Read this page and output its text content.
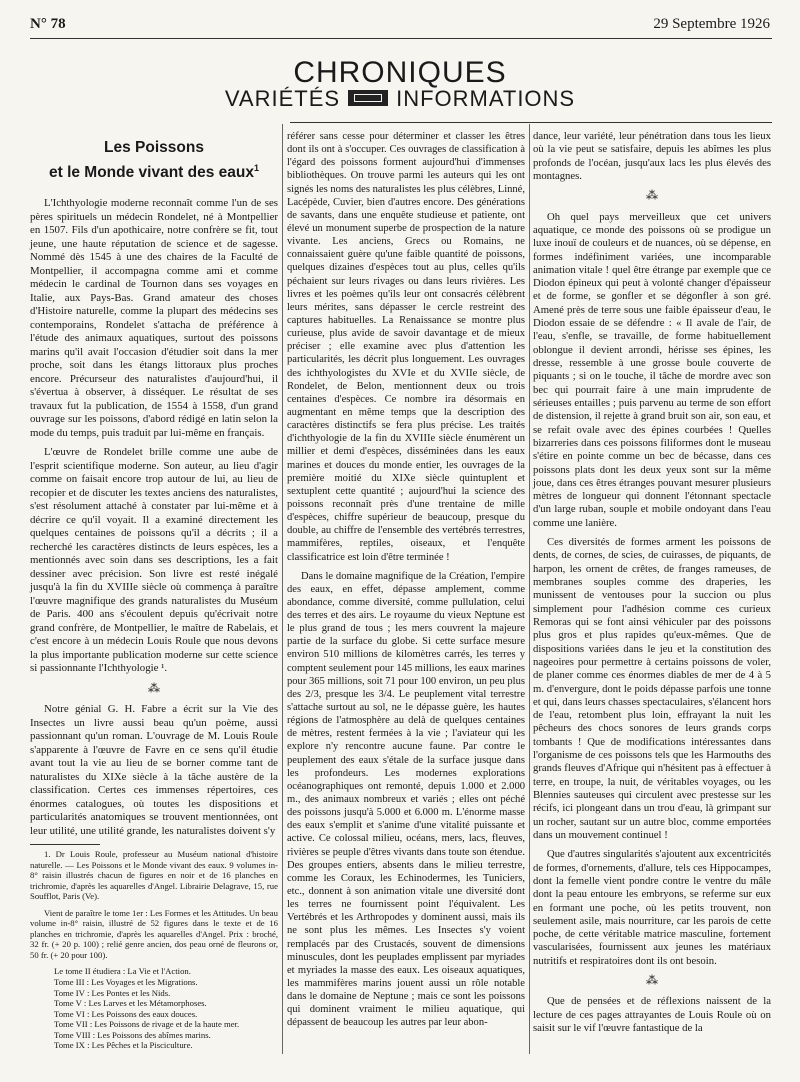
N° 78	29 Septembre 1926
CHRONIQUES
VARIÉTÉS	INFORMATIONS
Les Poissons
et le Monde vivant des eaux$^1$

L'Ichthyologie moderne reconnaît comme l'un de ses pères spirituels un médecin Rondelet, né à Montpellier en 1507. Fils d'un apothicaire, notre confrère se fit, tout jeune, une haute réputation de science et de sagesse. Nommé dès 1545 à une des chaires de la Faculté de Montpellier, il accompagna comme ami et comme médecin le cardinal de Tournon dans ses voyages en Italie, aux Pays-Bas. Grand amateur des choses d'Histoire naturelle, comme la plupart des médecins ses contemporains, Rondelet s'attacha de préférence à l'étude des animaux aquatiques, surtout des poissons marins qu'il avait l'occasion d'étudier soit dans la mer proche, soit dans les étangs littoraux plus proches encore. Précurseur des naturalistes d'aujourd'hui, il s'évertua à observer, à disséquer. Le résultat de ses travaux fut la publication, de 1554 à 1558, d'un grand ouvrage sur les poissons, d'abord rédigé en latin selon la mode du temps, puis traduit par lui-même en français.

L'œuvre de Rondelet brille comme une aube de l'esprit scientifique moderne. Son auteur, au lieu d'agir comme on faisait encore trop autour de lui, au lieu de recopier et de discuter les textes anciens des naturalistes, s'est résolument attaché à constater par lui-même et à décrire ce qu'il voyait. Il a examiné directement les quelques centaines de poissons qu'il a décrits ; il a recherché les caractères distincts de leurs espèces, les a mentionnés avec soin dans ses descriptions, les a fait dessiner avec précision. Son livre est resté inégalé jusqu'à la fin du XVIIIe siècle où commença à paraître l'œuvre magnifique des grands naturalistes du Muséum de Paris. 400 ans s'écoulent depuis qu'écrivait notre grand confrère, de Montpellier, le maître de Rabelais, et c'est encore à un médecin Louis Roule que nous devons la plus importante publication moderne sur cette science si passionnante l'Ichthyologie ¹.

⁂

Notre génial G. H. Fabre a écrit sur la Vie des Insectes un livre aussi beau qu'un poème, aussi passionnant qu'un roman. L'ouvrage de M. Louis Roule s'apparente à l'œuvre de Favre en ce sens qu'il étudie avant tout la vie au lieu de se borner comme tant de naturalistes du XIXe siècle à la tâche austère de la classification. Certes ces immenses répertoires, ces énormes catalogues, où toutes les dispositions et particularités anatomiques se trouvent mentionnées, ont leur utilité, une utilité grande, les naturalistes doivent s'y

1. Dr Louis Roule, professeur au Muséum national d'histoire naturelle. — Les Poissons et le Monde vivant des eaux. 9 volumes in-8° raisin illustrés chacun de figures en noir et de 16 planches en trichromie, d'après les aquarelles d'Angel. Librairie Delagrave, 15, rue Soufflot, Paris (Ve).

Vient de paraître le tome 1er : Les Formes et les Attitudes. Un beau volume in-8° raisin, illustré de 52 figures dans le texte et de 16 planches en trichromie, d'après les aquarelles d'Angel. Prix : broché, 32 fr. (+ 20 p. 100) ; relié genre ancien, dos peau orné de fleurons or, 50 fr. (+ 20 pour 100).

Le tome II étudiera : La Vie et l'Action.

Tome III : Les Voyages et les Migrations.

Tome IV : Les Pontes et les Nids.

Tome V : Les Larves et les Métamorphoses.

Tome VI : Les Poissons des eaux douces.

Tome VII : Les Poissons de rivage et de la haute mer.

Tome VIII : Les Poissons des abîmes marins.

Tome IX : Les Pêches et la Pisciculture.

référer sans cesse pour déterminer et classer les êtres dont ils ont à s'occuper. Ces ouvrages de classification à l'égard des poissons forment aujourd'hui d'immenses bibliothèques. On trouve parmi les auteurs qui les ont signés les noms des naturalistes les plus célèbres, Linné, Lacépède, Cuvier, bien d'autres encore. Des générations de savants, dans une enquête studieuse et patiente, ont élevé un monument superbe de prospection de la nature vivante. Les anciens, Grecs ou Romains, ne connaissaient guère qu'une faible quantité de poissons, quelques dizaines d'espèces tout au plus, celles qu'ils péchaient sur leurs rivages ou dans leurs rivières. Les livres et les poèmes qu'ils leur ont consacrés célèbrent leurs mérites, sans dépasser le cercle restreint des captures habituelles. La Renaissance se montre plus curieuse, plus avide de savoir davantage et de mieux préciser ; elle examine avec plus d'attention les particularités, les décrit plus longuement. Les ouvrages des ichthyologistes du XVIe et du XVIIe siècle, de Rondelet, de Belon, mentionnent deux ou trois centaines d'espèces. Ce nombre ira désormais en augmentant en même temps que la description des caractères distinctifs se fera plus précise. Les traités d'ichthyologie de la fin du XVIIIe siècle énumèrent un millier et demi d'espèces, disséminées dans les eaux marines et douces du monde entier, les ouvrages de la première moitié du XIXe siècle quintuplent et sextuplent cette quantité ; aujourd'hui la science des poissons reconnaît près d'une trentaine de mille d'espèces, chiffre supérieur de beaucoup, presque du double, au chiffre de l'ensemble des vertébrés terrestres, mammifères, reptiles, oiseaux, et l'enquête classificatrice est loin d'être terminée !

Dans le domaine magnifique de la Création, l'empire des eaux, en effet, dépasse amplement, comme abondance, comme diversité, comme pullulation, celui des terres et des airs. Le royaume du vieux Neptune est le plus grand de tous ; les mers couvrent la majeure partie de la surface du globe. Si cette surface mesure environ 510 millions de kilomètres carrés, les terres y comptent seulement pour 145 millions, les eaux marines pour 365 millions, soit 71 pour 100 environ, un peu plus des 2/3, presque les 3/4. Le peuplement vital terrestre s'attache surtout au sol, ne le dépasse guère, les hautes régions de l'atmosphère au delà de quelques centaines de mètres, restent fermées à la vie ; l'aviateur qui les explore n'y rencontre aucune faune. Par contre le peuplement des eaux s'étale de la surface jusque dans les profondeurs. Les modernes explorations océanographiques ont remonté, depuis 1.000 et 2.000 m., des animaux nombreux et variés ; elles ont péché des poissons jusqu'à 5.000 et 6.000 m. L'énorme masse des eaux s'emplit et s'anime d'une vitalité puissante et active. Ce colossal milieu, océans, mers, lacs, fleuves, rivières se peuple d'êtres vivants dans toute son étendue. Des groupes entiers, absents dans le milieu terrestre, comme les Coraux, les Echinodermes, les Tuniciers, etc., donnent à son animation vitale une diversité dont les terres ne fournissent point l'équivalent. Les Vertébrés et les Arthropodes y dominent aussi, mais ils ne sont plus les mêmes. Les Insectes s'y voient remplacés par des Crustacés, souvent de dimensions minuscules, dont les peuplades emplissent par myriades et myriades la masse des eaux. Les oiseaux aquatiques, les mammifères marins jouent aussi un rôle notable dans le domaine de Neptune ; mais ce sont les poissons qui dominent vraiment le milieu aquatique, qui dépassent de beaucoup les autres par leur abon-

dance, leur variété, leur pénétration dans tous les lieux où la vie peut se satisfaire, depuis les abîmes les plus profonds de l'océan, jusqu'aux lacs les plus élevés des montagnes.

⁂

Oh quel pays merveilleux que cet univers aquatique, ce monde des poissons où se prodigue un luxe inouï de couleurs et de nuances, où se dépense, en formes indéfiniment variées, une incomparable animation vitale ! quel être étrange par exemple que ce Diodon épineux qui peut à volonté changer d'épaisseur et de forme, se gonfler et se dégonfler à son gré. Amené près de terre sous une faible épaisseur d'eau, le Diodon essaie de se défendre : « Il avale de l'air, de l'eau, s'enfle, se travaille, de forme habituellement oblongue il devient arrondi, hérisse ses épines, les dresse, ressemble à une grosse boule couverte de piquants ; si on le touche, il tâche de mordre avec son bec qui pourrait faire à une main imprudente de sérieuses entailles ; puis parvenu au terme de son effort de distension, il rejette à grand bruit son air, son eau, et se refait ovale avec des épines courbées ! Quelles bizarreries dans ces poissons filiformes dont le museau s'étire en pointe comme un bec de bécasse, dans ces poissons plats dont les deux yeux sont sur la même joue, dans ces êtres étranges pouvant mesurer plusieurs mètres de longueur qui donnent l'étonnant spectacle d'un large ruban, souple et mobile ondoyant dans l'eau comme une lanière.

Ces diversités de formes arment les poissons de dents, de cornes, de scies, de cuirasses, de piquants, de harpon, les ornent de crêtes, de franges rameuses, de membranes souples comme des draperies, les munissent de ventouses pour la succion ou plus simplement pour l'adhésion comme ces curieux Remoras qui se font ainsi véhiculer par des poissons plus gros et plus rapides qu'eux-mêmes. Que de dispositions variées dans le jeu et la constitution des nageoires pour permettre à certains poissons de voler, de planer comme ces énormes diables de mer de 4 à 5 m. d'envergure, dont le poids dépasse parfois une tonne et qui, dans leurs chasses spectaculaires, s'élancent hors de l'eau, retombent plus loin, effrayant la nuit les pêcheurs des chocs sonores de leurs grands corps tombants ! Que de modifications intéressantes dans l'organisme de ces poissons tels que les Harmouths des grands fleuves d'Afrique qui n'hésitent pas à effectuer à terre, en troupe, la nuit, de véritables voyages, ou les Blennies sauteuses qui circulent avec prestesse sur les récifs, ici plongeant dans un trou d'eau, là grimpant sur un rocher, sautant sur un autre bloc, comme emportées dans un mouvement continuel !

Que d'autres singularités s'ajoutent aux excentricités de formes, d'ornements, d'allure, tels ces Hippocampes, dont la femelle vient pondre contre le ventre du mâle dont la peau entoure les embryons, se referme sur eux en formant une poche, où les petits trouvent, non seulement asile, mais nourriture, car les parois de cette poche, de cette véritable matrice masculine, fortement vascularisées, fournissent aux jeunes les matériaux nutritifs et respiratoires dont ils ont besoin.

⁂

Que de pensées et de réflexions naissent de la lecture de ces pages attrayantes de Louis Roule où on saisit sur le vif l'œuvre fantastique de la
